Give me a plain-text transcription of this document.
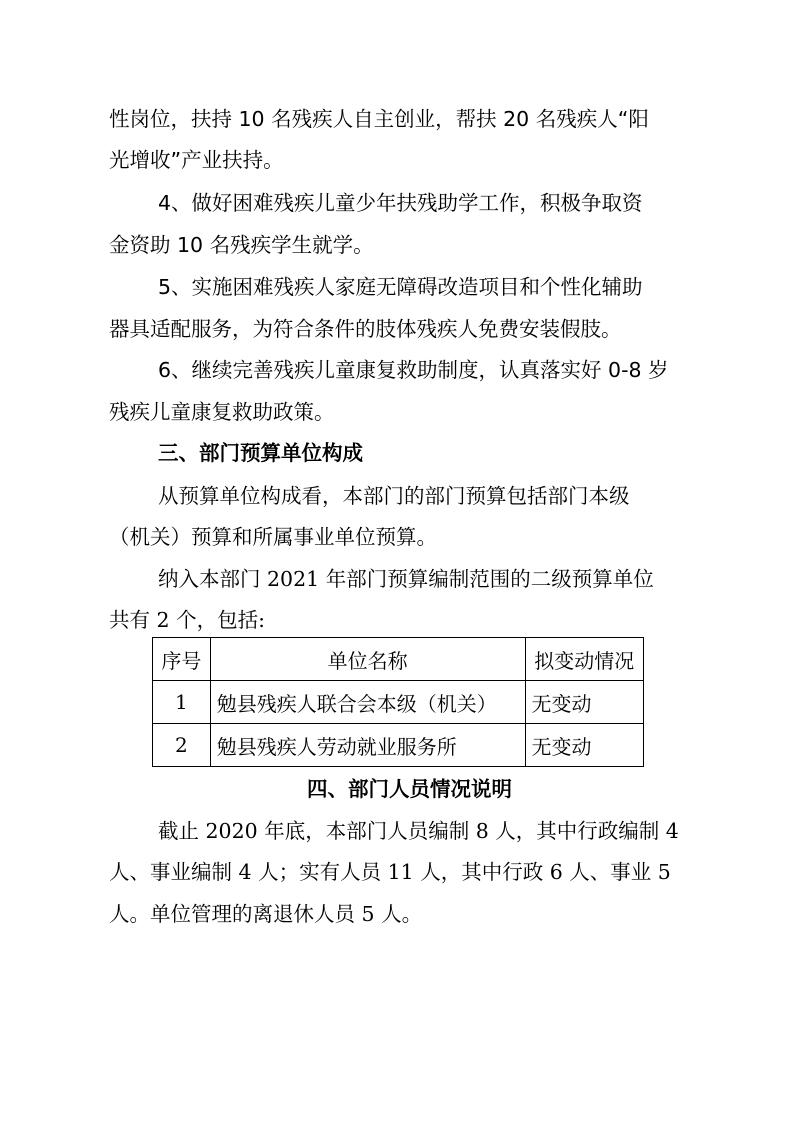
性岗位，扶持 10 名残疾人自主创业，帮扶 20 名残疾人“阳
光增收”产业扶持。
4、做好困难残疾儿童少年扶残助学工作，积极争取资
金资助 10 名残疾学生就学。
5、实施困难残疾人家庭无障碍改造项目和个性化辅助
器具适配服务，为符合条件的肢体残疾人免费安装假肢。
6、继续完善残疾儿童康复救助制度，认真落实好 0-8 岁
残疾儿童康复救助政策。
三、部门预算单位构成
从预算单位构成看，本部门的部门预算包括部门本级
（机关）预算和所属事业单位预算。
纳入本部门 2021 年部门预算编制范围的二级预算单位
共有 2 个，包括:
序号	单位名称	拟变动情况
1	勉县残疾人联合会本级（机关）	无变动
2	勉县残疾人劳动就业服务所	无变动
四、部门人员情况说明
截止 2020 年底，本部门人员编制 8 人，其中行政编制 4
人、事业编制 4 人；实有人员 11 人，其中行政 6 人、事业 5
人。单位管理的离退休人员 5 人。
